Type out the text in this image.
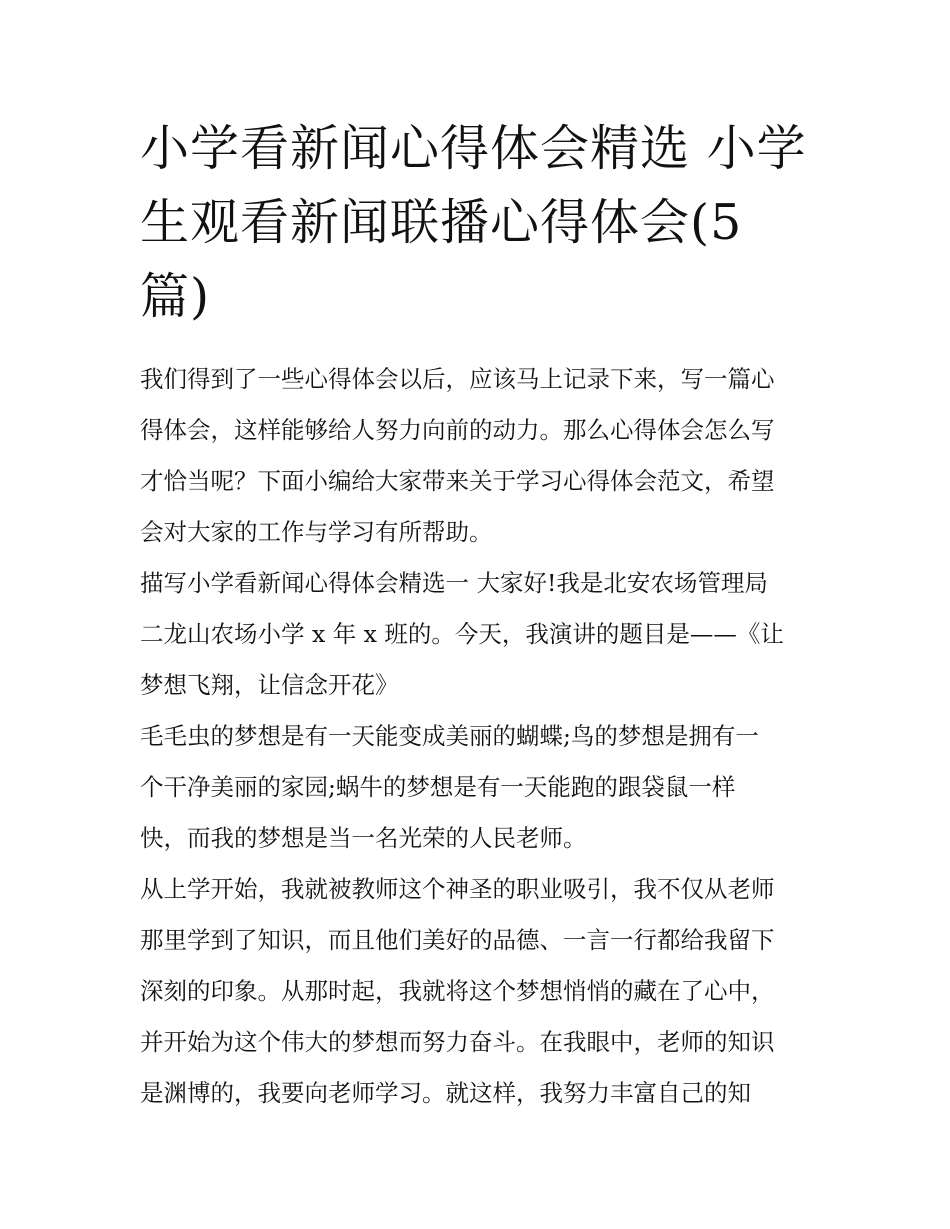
小学看新闻心得体会精选 小学
生观看新闻联播心得体会(5
篇)

我们得到了一些心得体会以后，应该马上记录下来，写一篇心
得体会，这样能够给人努力向前的动力。那么心得体会怎么写
才恰当呢？下面小编给大家带来关于学习心得体会范文，希望
会对大家的工作与学习有所帮助。

描写小学看新闻心得体会精选一 大家好!我是北安农场管理局
二龙山农场小学 x 年 x 班的。今天，我演讲的题目是——《让
梦想飞翔，让信念开花》

毛毛虫的梦想是有一天能变成美丽的蝴蝶;鸟的梦想是拥有一
个干净美丽的家园;蜗牛的梦想是有一天能跑的跟袋鼠一样
快，而我的梦想是当一名光荣的人民老师。

从上学开始，我就被教师这个神圣的职业吸引，我不仅从老师
那里学到了知识，而且他们美好的品德、一言一行都给我留下
深刻的印象。从那时起，我就将这个梦想悄悄的藏在了心中，
并开始为这个伟大的梦想而努力奋斗。在我眼中，老师的知识
是渊博的，我要向老师学习。就这样，我努力丰富自己的知
